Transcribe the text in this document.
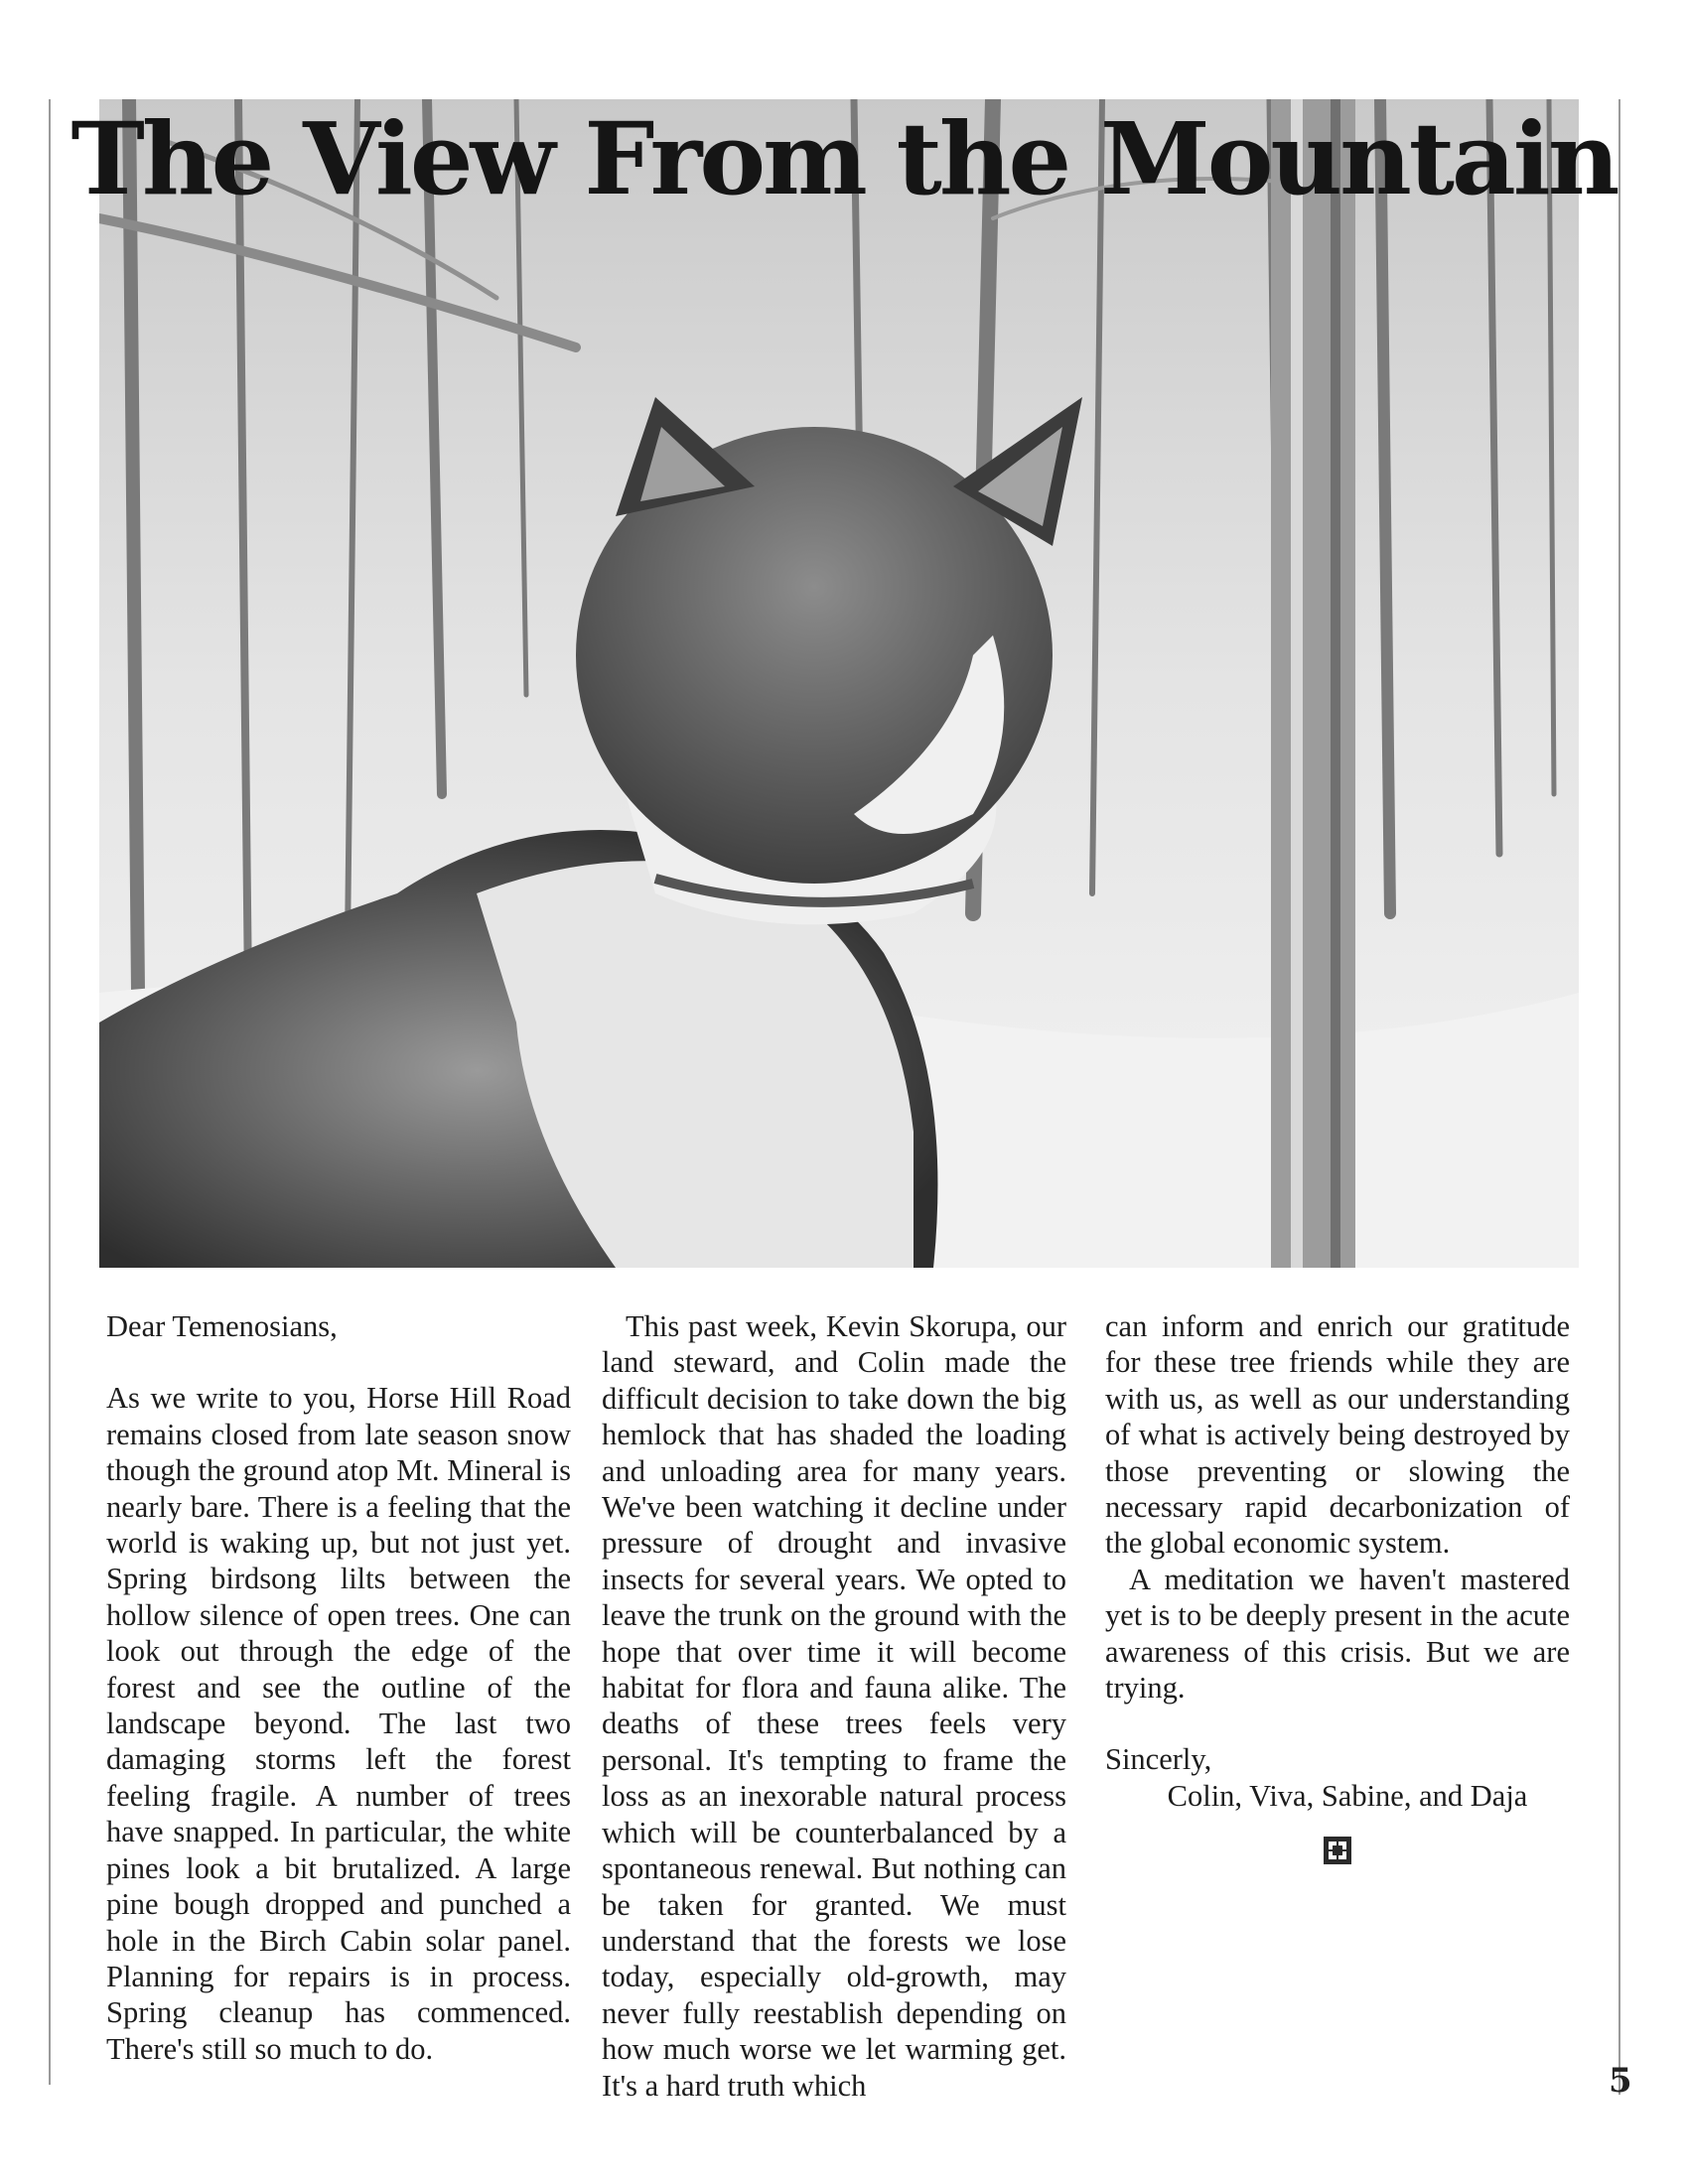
The View From the Mountain

Dear Temenosians,

As we write to you, Horse Hill Road remains closed from late season snow though the ground atop Mt. Mineral is nearly bare. There is a feeling that the world is waking up, but not just yet. Spring birdsong lilts between the hollow silence of open trees. One can look out through the edge of the forest and see the outline of the landscape beyond. The last two damaging storms left the forest feeling fragile. A number of trees have snapped. In particular, the white pines look a bit brutalized. A large pine bough dropped and punched a hole in the Birch Cabin solar panel. Planning for repairs is in process. Spring cleanup has commenced. There's still so much to do.

This past week, Kevin Skorupa, our land steward, and Colin made the difficult decision to take down the big hemlock that has shaded the loading and unloading area for many years. We've been watching it decline under pressure of drought and invasive insects for several years. We opted to leave the trunk on the ground with the hope that over time it will become habitat for flora and fauna alike. The deaths of these trees feels very personal. It's tempting to frame the loss as an inexorable natural process which will be counterbalanced by a spontaneous renewal. But nothing can be taken for granted. We must understand that the forests we lose today, especially old-growth, may never fully reestablish depending on how much worse we let warming get. It's a hard truth which

can inform and enrich our gratitude for these tree friends while they are with us, as well as our understanding of what is actively being destroyed by those preventing or slowing the necessary rapid decarbonization of the global economic system.

A meditation we haven't mastered yet is to be deeply present in the acute awareness of this crisis. But we are trying.

Sincerly,

Colin, Viva, Sabine, and Daja

5
